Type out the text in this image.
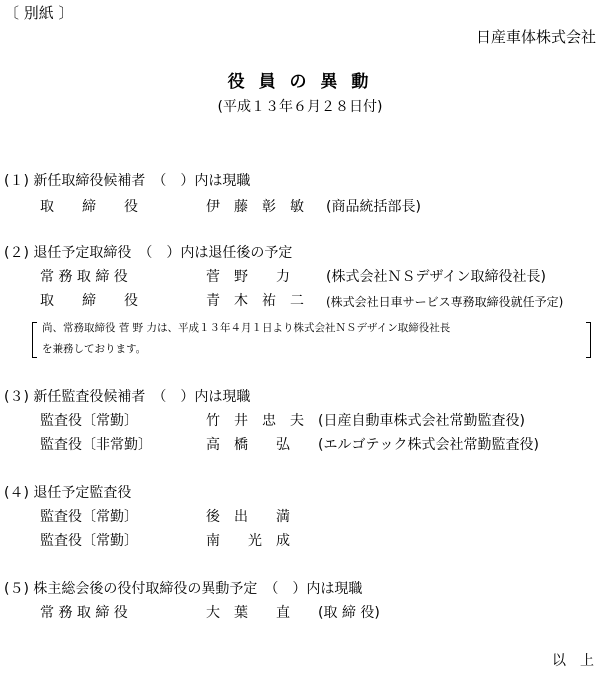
〔 別紙 〕
日産車体株式会社
役 員 の 異 動
(平成１３年６月２８日付)
(１) 新任取締役候補者　（　）内は現職
取　　締　　役	伊　藤　彰　敏 (商品統括部長)
(２) 退任予定取締役　（　）内は退任後の予定
常 務 取 締 役	菅　野　　力	(株式会社ＮＳデザイン取締役社長)
取　　締　　役	青　木　祐　二 (株式会社日車サービス専務取締役就任予定)
尚、常務取締役 菅 野 力は、平成１３年４月１日より株式会社ＮＳデザイン取締役社長
を兼務しております。
(３) 新任監査役候補者　（　）内は現職
監査役〔常勤〕	竹　井　忠　夫 (日産自動車株式会社常勤監査役)
監査役〔非常勤〕	高　橋　　弘 (エルゴテック株式会社常勤監査役)
(４) 退任予定監査役
監査役〔常勤〕	後　出　　満
監査役〔常勤〕	南　　光　成
(５) 株主総会後の役付取締役の異動予定　（　）内は現職
常 務 取 締 役	大　葉　　直 (取 締 役)
以　上
